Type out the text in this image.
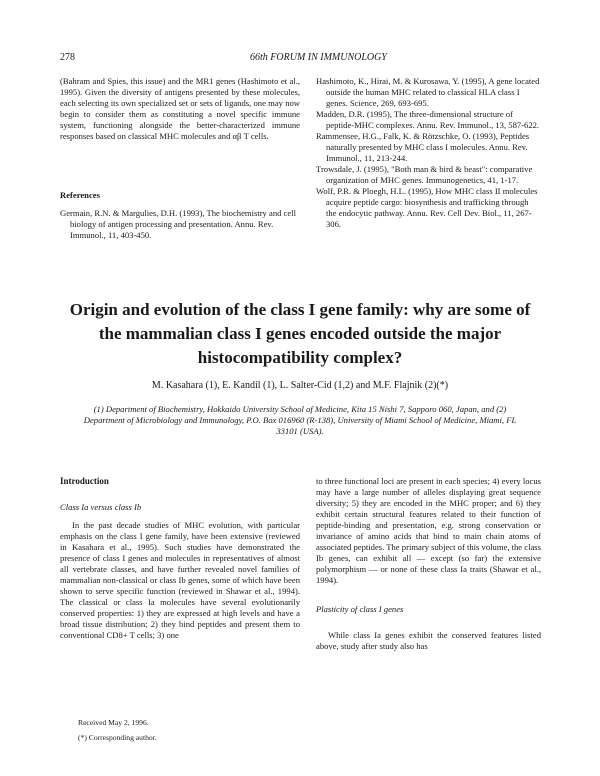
278	66th FORUM IN IMMUNOLOGY

(Bahram and Spies, this issue) and the MR1 genes (Hashimoto et al., 1995). Given the diversity of antigens presented by these molecules, each selecting its own specialized set or sets of ligands, one may now begin to consider them as constituting a novel specific immune system, functioning alongside the better-characterized immune responses based on classical MHC molecules and αβ T cells.

Hashimoto, K., Hirai, M. & Kurosawa, Y. (1995), A gene located outside the human MHC related to classical HLA class I genes. Science, 269, 693-695.

Madden, D.R. (1995), The three-dimensional structure of peptide-MHC complexes. Annu. Rev. Immunol., 13, 587-622.

Rammensee, H.G., Falk, K. & Rötzschke, O. (1993), Peptides naturally presented by MHC class I molecules. Annu. Rev. Immunol., 11, 213-244.

Trowsdale, J. (1995), "Both man & bird & beast": comparative organization of MHC genes. Immunogenetics, 41, 1-17.

Wolf, P.R. & Ploegh, H.L. (1995), How MHC class II molecules acquire peptide cargo: biosynthesis and trafficking through the endocytic pathway. Annu. Rev. Cell Dev. Biol., 11, 267-306.

References

Germain, R.N. & Margulies, D.H. (1993), The biochemistry and cell biology of antigen processing and presentation. Annu. Rev. Immunol., 11, 403-450.

Origin and evolution of the class I gene family: why are some of the mammalian class I genes encoded outside the major histocompatibility complex?
M. Kasahara (1), E. Kandil (1), L. Salter-Cid (1,2) and M.F. Flajnik (2)(*)
(1) Department of Biochemistry, Hokkaido University School of Medicine, Kita 15 Nishi 7, Sapporo 060, Japan, and (2) Department of Microbiology and Immunology, P.O. Box 016960 (R-138), University of Miami School of Medicine, Miami, FL 33101 (USA).
Introduction
Class Ia versus class Ib

In the past decade studies of MHC evolution, with particular emphasis on the class I gene family, have been extensive (reviewed in Kasahara et al., 1995). Such studies have demonstrated the presence of class I genes and molecules in representatives of almost all vertebrate classes, and have further revealed novel families of mammalian non-classical or class Ib genes, some of which have been shown to serve specific function (reviewed in Shawar et al., 1994). The classical or class Ia molecules have several evolutionarily conserved properties: 1) they are expressed at high levels and have a broad tissue distribution; 2) they bind peptides and present them to conventional CD8+ T cells; 3) one

to three functional loci are present in each species; 4) every locus may have a large number of alleles displaying great sequence diversity; 5) they are encoded in the MHC proper; and 6) they exhibit certain structural features related to their function of peptide-binding and presentation, e.g. strong conservation or invariance of amino acids that bind to main chain atoms of associated peptides. The primary subject of this volume, the class Ib genes, can exhibit all — except (so far) the extensive polymorphism — or none of these class Ia traits (Shawar et al., 1994).

Plasticity of class I genes

While class Ia genes exhibit the conserved features listed above, study after study also has

Received May 2, 1996.
(*) Corresponding author.
